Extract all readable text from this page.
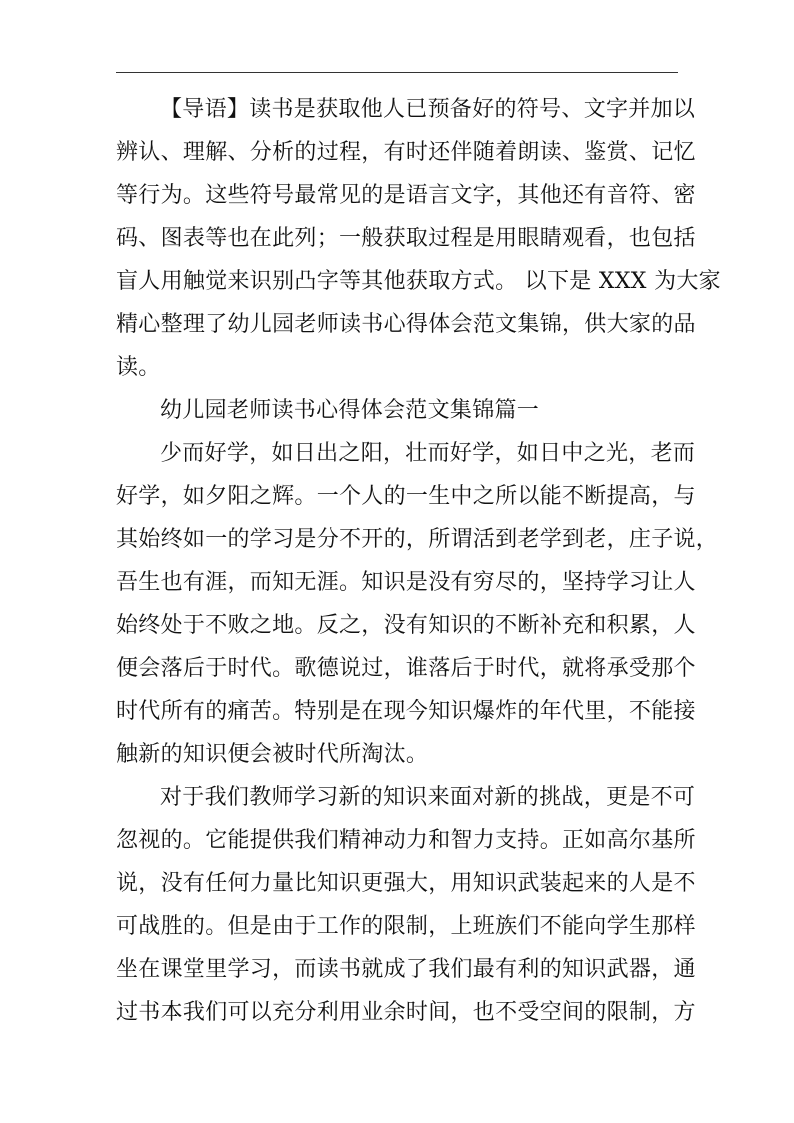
【导语】读书是获取他人已预备好的符号、文字并加以
辨认、理解、分析的过程，有时还伴随着朗读、鉴赏、记忆
等行为。这些符号最常见的是语言文字，其他还有音符、密
码、图表等也在此列；一般获取过程是用眼睛观看，也包括
盲人用触觉来识别凸字等其他获取方式。 以下是 XXX 为大家
精心整理了幼儿园老师读书心得体会范文集锦，供大家的品
读。
幼儿园老师读书心得体会范文集锦篇一
少而好学，如日出之阳，壮而好学，如日中之光，老而
好学，如夕阳之辉。一个人的一生中之所以能不断提高，与
其始终如一的学习是分不开的，所谓活到老学到老，庄子说，
吾生也有涯，而知无涯。知识是没有穷尽的，坚持学习让人
始终处于不败之地。反之，没有知识的不断补充和积累，人
便会落后于时代。歌德说过，谁落后于时代，就将承受那个
时代所有的痛苦。特别是在现今知识爆炸的年代里，不能接
触新的知识便会被时代所淘汰。
对于我们教师学习新的知识来面对新的挑战，更是不可
忽视的。它能提供我们精神动力和智力支持。正如高尔基所
说，没有任何力量比知识更强大，用知识武装起来的人是不
可战胜的。但是由于工作的限制，上班族们不能向学生那样
坐在课堂里学习，而读书就成了我们最有利的知识武器，通
过书本我们可以充分利用业余时间，也不受空间的限制，方
